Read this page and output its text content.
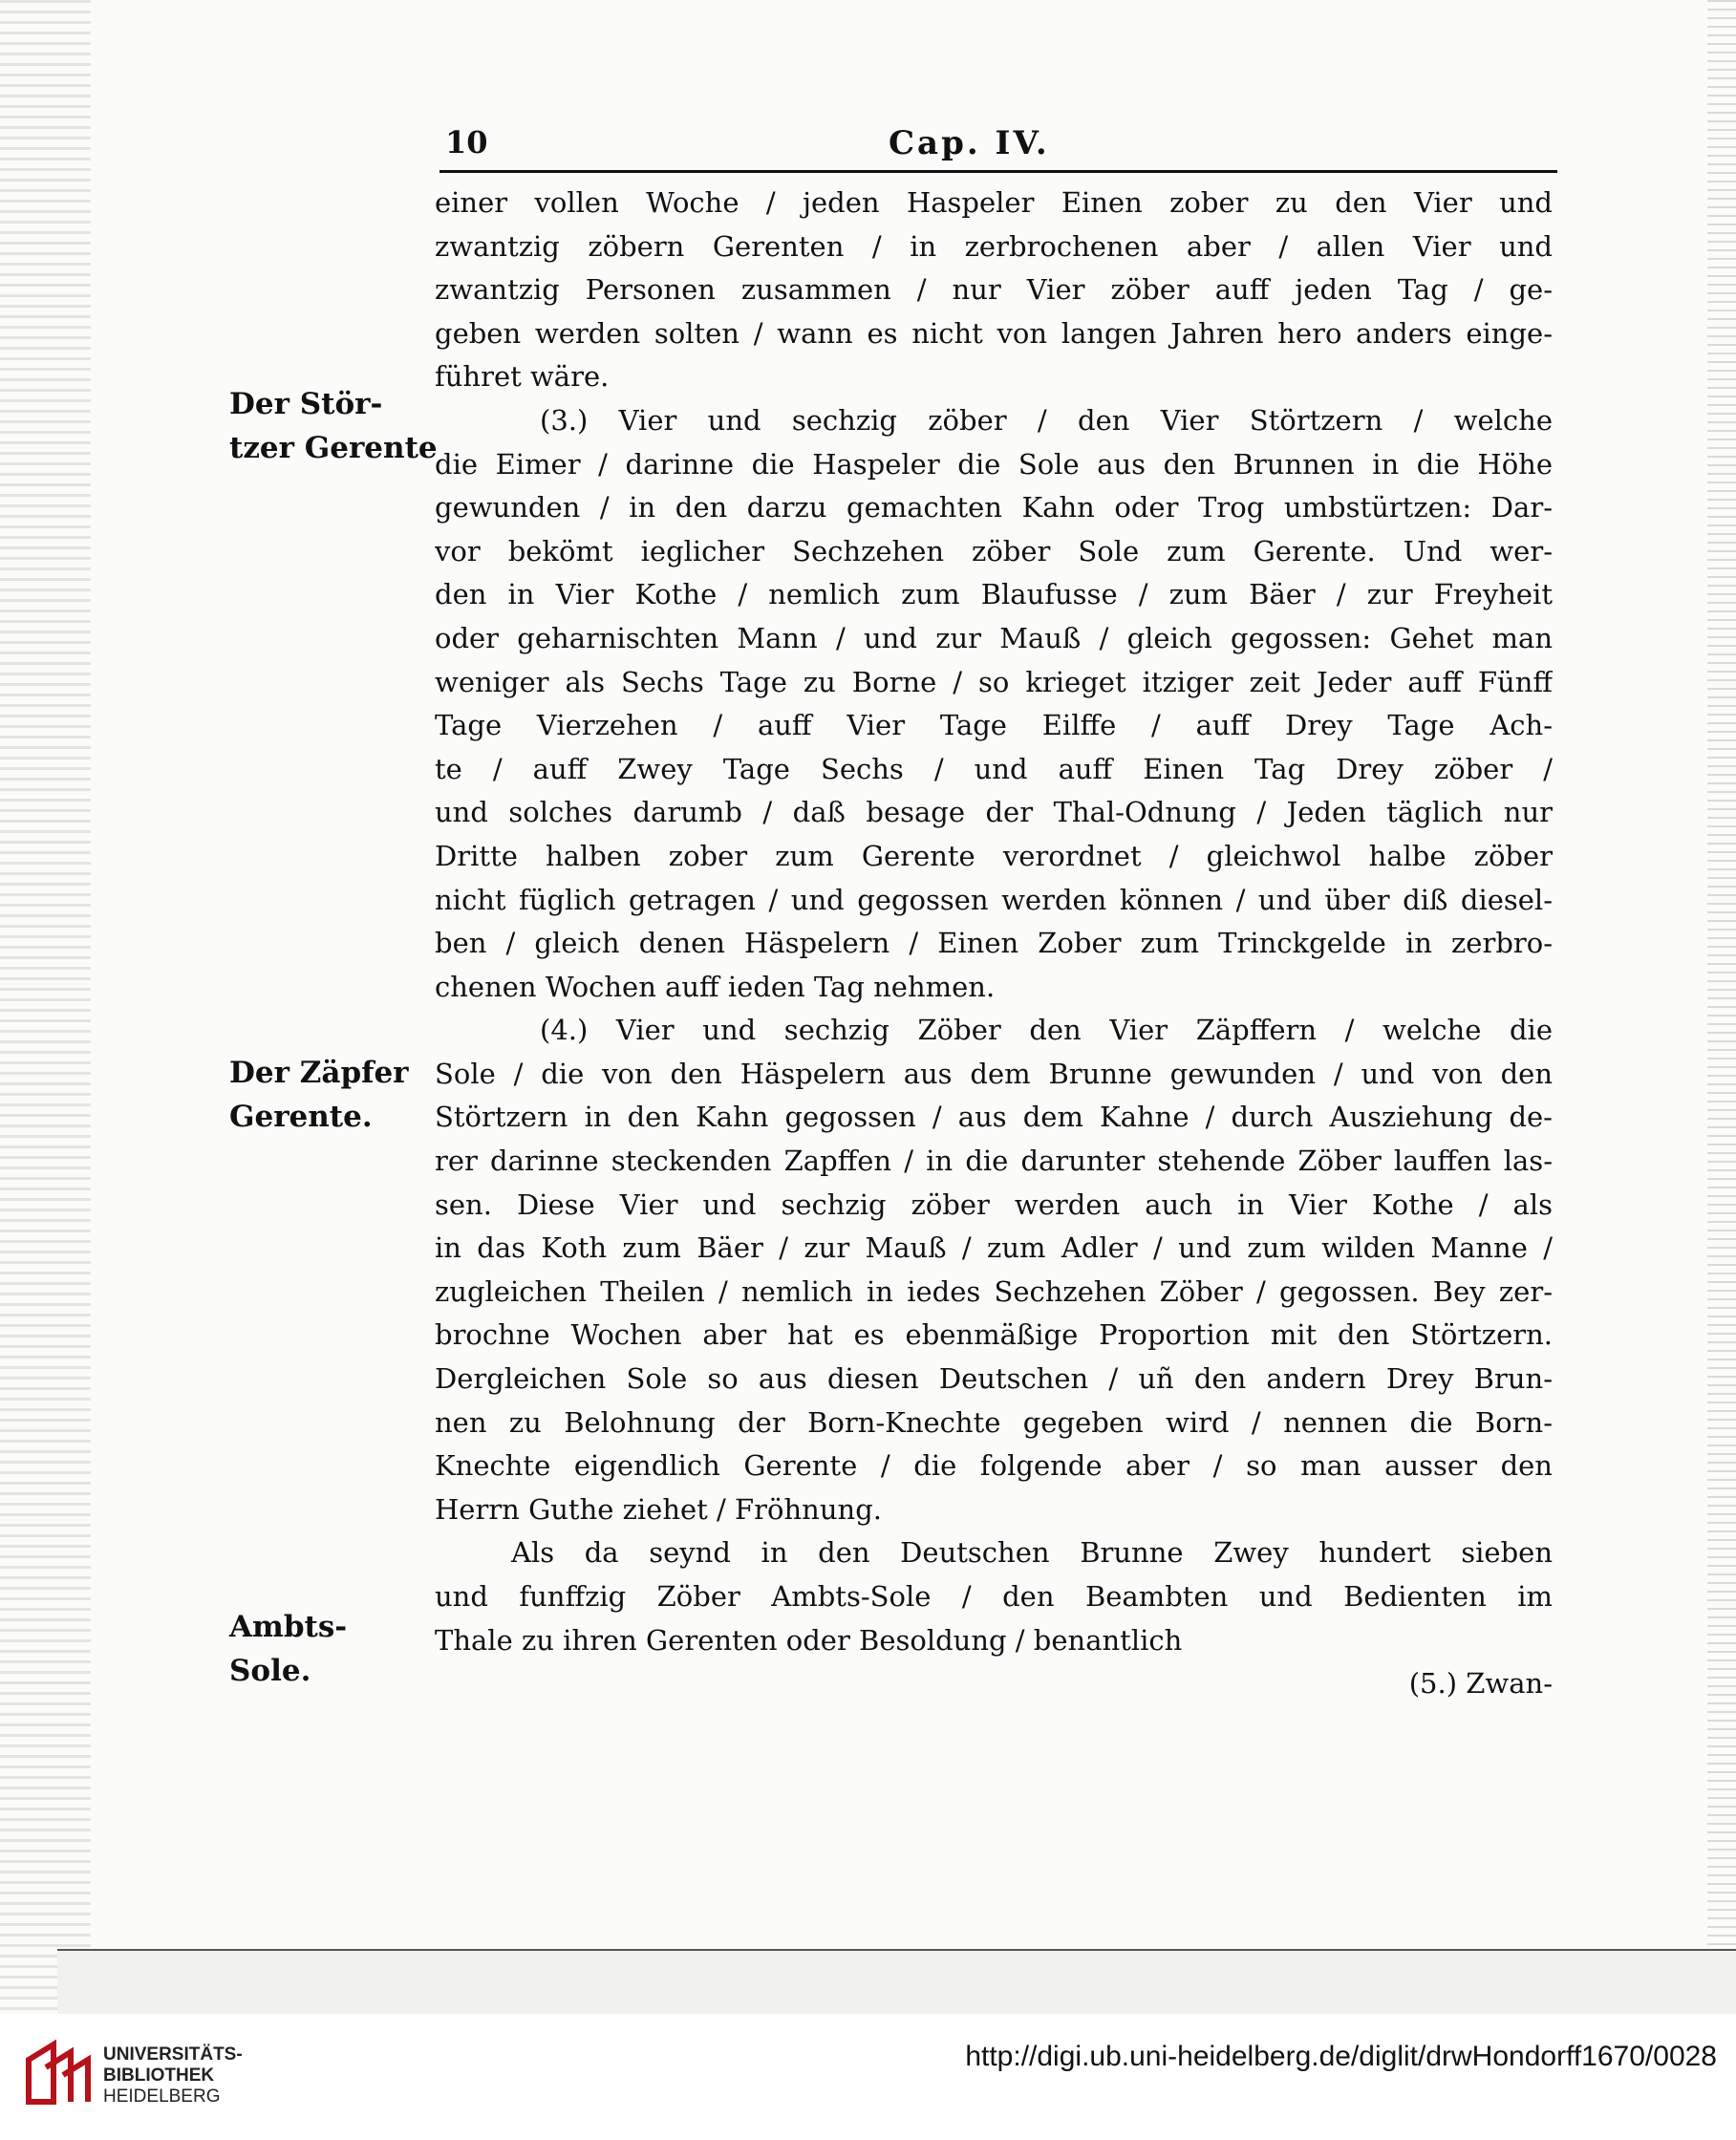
10	Cap. IV.
Der Stör-
tzer Gerente
Der Zäpfer
Gerente.
Ambts-
Sole.
einer vollen Woche / jeden Haspeler Einen zober zu den Vier und
zwantzig zöbern Gerenten / in zerbrochenen aber / allen Vier und
zwantzig Personen zusammen / nur Vier zöber auff jeden Tag / ge-
geben werden solten / wann es nicht von langen Jahren hero anders einge-
führet wäre.
(3.) Vier und sechzig zöber / den Vier Störtzern / welche
die Eimer / darinne die Haspeler die Sole aus den Brunnen in die Höhe
gewunden / in den darzu gemachten Kahn oder Trog umbstürtzen: Dar-
vor bekömt ieglicher Sechzehen zöber Sole zum Gerente. Und wer-
den in Vier Kothe / nemlich zum Blaufusse / zum Bäer / zur Freyheit
oder geharnischten Mann / und zur Mauß / gleich gegossen: Gehet man
weniger als Sechs Tage zu Borne / so krieget itziger zeit Jeder auff Fünff
Tage Vierzehen / auff Vier Tage Eilffe / auff Drey Tage Ach-
te / auff Zwey Tage Sechs / und auff Einen Tag Drey zöber /
und solches darumb / daß besage der Thal-Odnung / Jeden täglich nur
Dritte halben zober zum Gerente verordnet / gleichwol halbe zöber
nicht füglich getragen / und gegossen werden können / und über diß diesel-
ben / gleich denen Häspelern / Einen Zober zum Trinckgelde in zerbro-
chenen Wochen auff ieden Tag nehmen.
(4.) Vier und sechzig Zöber den Vier Zäpffern / welche die
Sole / die von den Häspelern aus dem Brunne gewunden / und von den
Störtzern in den Kahn gegossen / aus dem Kahne / durch Ausziehung de-
rer darinne steckenden Zapffen / in die darunter stehende Zöber lauffen las-
sen. Diese Vier und sechzig zöber werden auch in Vier Kothe / als
in das Koth zum Bäer / zur Mauß / zum Adler / und zum wilden Manne /
zugleichen Theilen / nemlich in iedes Sechzehen Zöber / gegossen. Bey zer-
brochne Wochen aber hat es ebenmäßige Proportion mit den Störtzern.
Dergleichen Sole so aus diesen Deutschen / uñ den andern Drey Brun-
nen zu Belohnung der Born-Knechte gegeben wird / nennen die Born-
Knechte eigendlich Gerente / die folgende aber / so man ausser den
Herrn Guthe ziehet / Fröhnung.
Als da seynd in den Deutschen Brunne Zwey hundert sieben
und funffzig Zöber Ambts-Sole / den Beambten und Bedienten im
Thale zu ihren Gerenten oder Besoldung / benantlich
(5.) Zwan-
UNIVERSITÄTS-
BIBLIOTHEK
HEIDELBERG
http://digi.ub.uni-heidelberg.de/diglit/drwHondorff1670/0028
